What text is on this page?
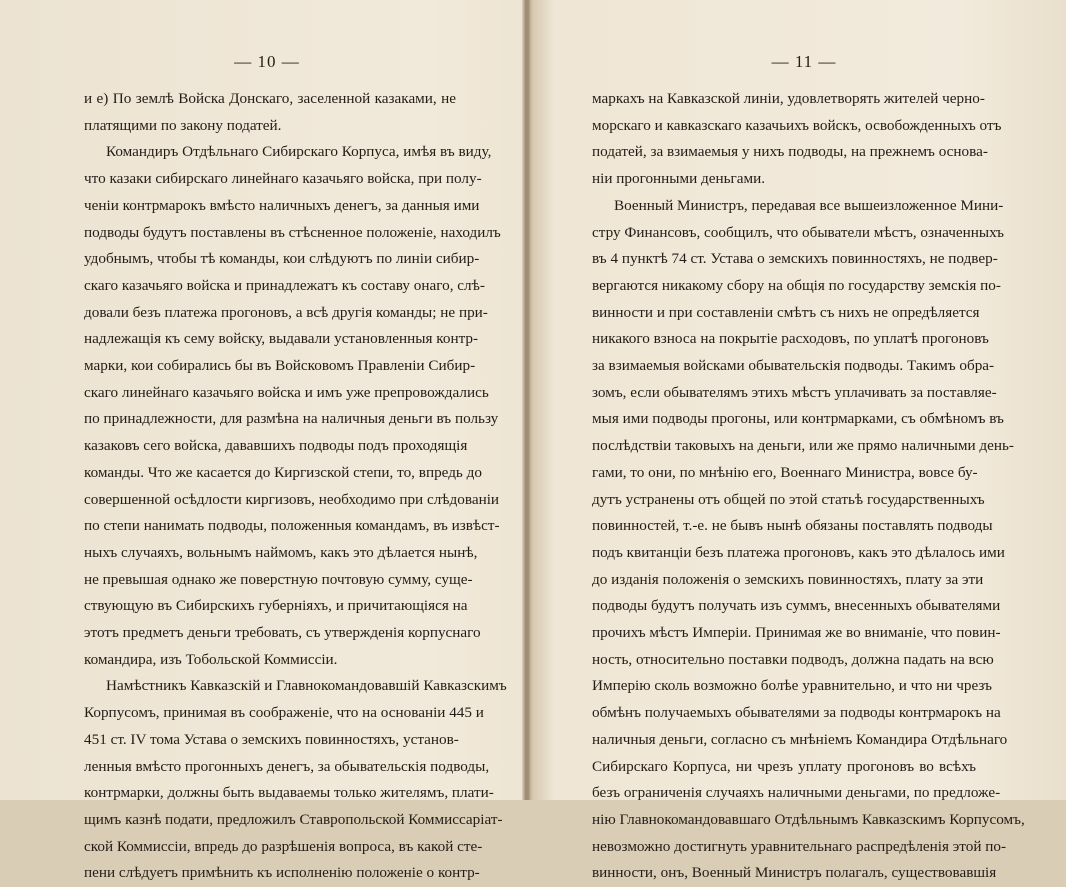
— 10 —
и е) По землѣ Войска Донскаго, заселенной казаками, не
платящими по закону податей.
Командиръ Отдѣльнаго Сибирскаго Корпуса, имѣя въ виду,
что казаки сибирскаго линейнаго казачьяго войска, при полу-
ченіи контрмарокъ вмѣсто наличныхъ денегъ, за данныя ими
подводы будутъ поставлены въ стѣсненное положеніе, находилъ
удобнымъ, чтобы тѣ команды, кои слѣдуютъ по линіи сибир-
скаго казачьяго войска и принадлежатъ къ составу онаго, слѣ-
довали безъ платежа прогоновъ, а всѣ другія команды; не при-
надлежащія къ сему войску, выдавали установленныя контр-
марки, кои собирались бы въ Войсковомъ Правленіи Сибир-
скаго линейнаго казачьяго войска и имъ уже препровождались
по принадлежности, для размѣна на наличныя деньги въ пользу
казаковъ сего войска, дававшихъ подводы подъ проходящія
команды. Что же касается до Киргизской степи, то, впредь до
совершенной осѣдлости киргизовъ, необходимо при слѣдованіи
по степи нанимать подводы, положенныя командамъ, въ извѣст-
ныхъ случаяхъ, вольнымъ наймомъ, какъ это дѣлается нынѣ,
не превышая однако же поверстную почтовую сумму, суще-
ствующую въ Сибирскихъ губерніяхъ, и причитающіяся на
этотъ предметъ деньги требовать, съ утвержденія корпуснаго
командира, изъ Тобольской Коммиссіи.
Намѣстникъ Кавказскій и Главнокомандовавшій Кавказскимъ
Корпусомъ, принимая въ соображеніе, что на основаніи 445 и
451 ст. IV тома Устава о земскихъ повинностяхъ, установ-
ленныя вмѣсто прогонныхъ денегъ, за обывательскія подводы,
контрмарки, должны быть выдаваемы только жителямъ, плати-
щимъ казнѣ подати, предложилъ Ставропольской Коммиссаріат-
ской Коммиссіи, впредь до разрѣшенія вопроса, въ какой сте-
пени слѣдуетъ примѣнить къ исполненію положеніе о контр-
— 11 —
маркахъ на Кавказской линіи, удовлетворять жителей черно-
морскаго и кавказскаго казачьихъ войскъ, освобожденныхъ отъ
податей, за взимаемыя у нихъ подводы, на прежнемъ основа-
ніи прогонными деньгами.
Военный Министръ, передавая все вышеизложенное Мини-
стру Финансовъ, сообщилъ, что обыватели мѣстъ, означенныхъ
въ 4 пунктѣ 74 ст. Устава о земскихъ повинностяхъ, не подвер-
вергаются никакому сбору на общія по государству земскія по-
винности и при составленіи смѣтъ съ нихъ не опредѣляется
никакого взноса на покрытіе расходовъ, по уплатѣ прогоновъ
за взимаемыя войсками обывательскія подводы. Такимъ обра-
зомъ, если обывателямъ этихъ мѣстъ уплачивать за поставляе-
мыя ими подводы прогоны, или контрмарками, съ обмѣномъ въ
послѣдствіи таковыхъ на деньги, или же прямо наличными день-
гами, то они, по мнѣнію его, Военнаго Министра, вовсе бу-
дутъ устранены отъ общей по этой статьѣ государственныхъ
повинностей, т.-е. не бывъ нынѣ обязаны поставлять подводы
подъ квитанціи безъ платежа прогоновъ, какъ это дѣлалось ими
до изданія положенія о земскихъ повинностяхъ, плату за эти
подводы будутъ получать изъ суммъ, внесенныхъ обывателями
прочихъ мѣстъ Имперіи. Принимая же во вниманіе, что повин-
ность, относительно поставки подводъ, должна падать на всю
Имперію сколь возможно болѣе уравнительно, и что ни чрезъ
обмѣнъ получаемыхъ обывателями за подводы контрмарокъ на
наличныя деньги, согласно съ мнѣніемъ Командира Отдѣльнаго
Сибирскаго Корпуса, ни чрезъ уплату прогоновъ во всѣхъ
безъ ограниченія случаяхъ наличными деньгами, по предложе-
нію Главнокомандовавшаго Отдѣльнымъ Кавказскимъ Корпусомъ,
невозможно достигнуть уравнительнаго распредѣленія этой по-
винности, онъ, Военный Министръ полагалъ, существовавшія
